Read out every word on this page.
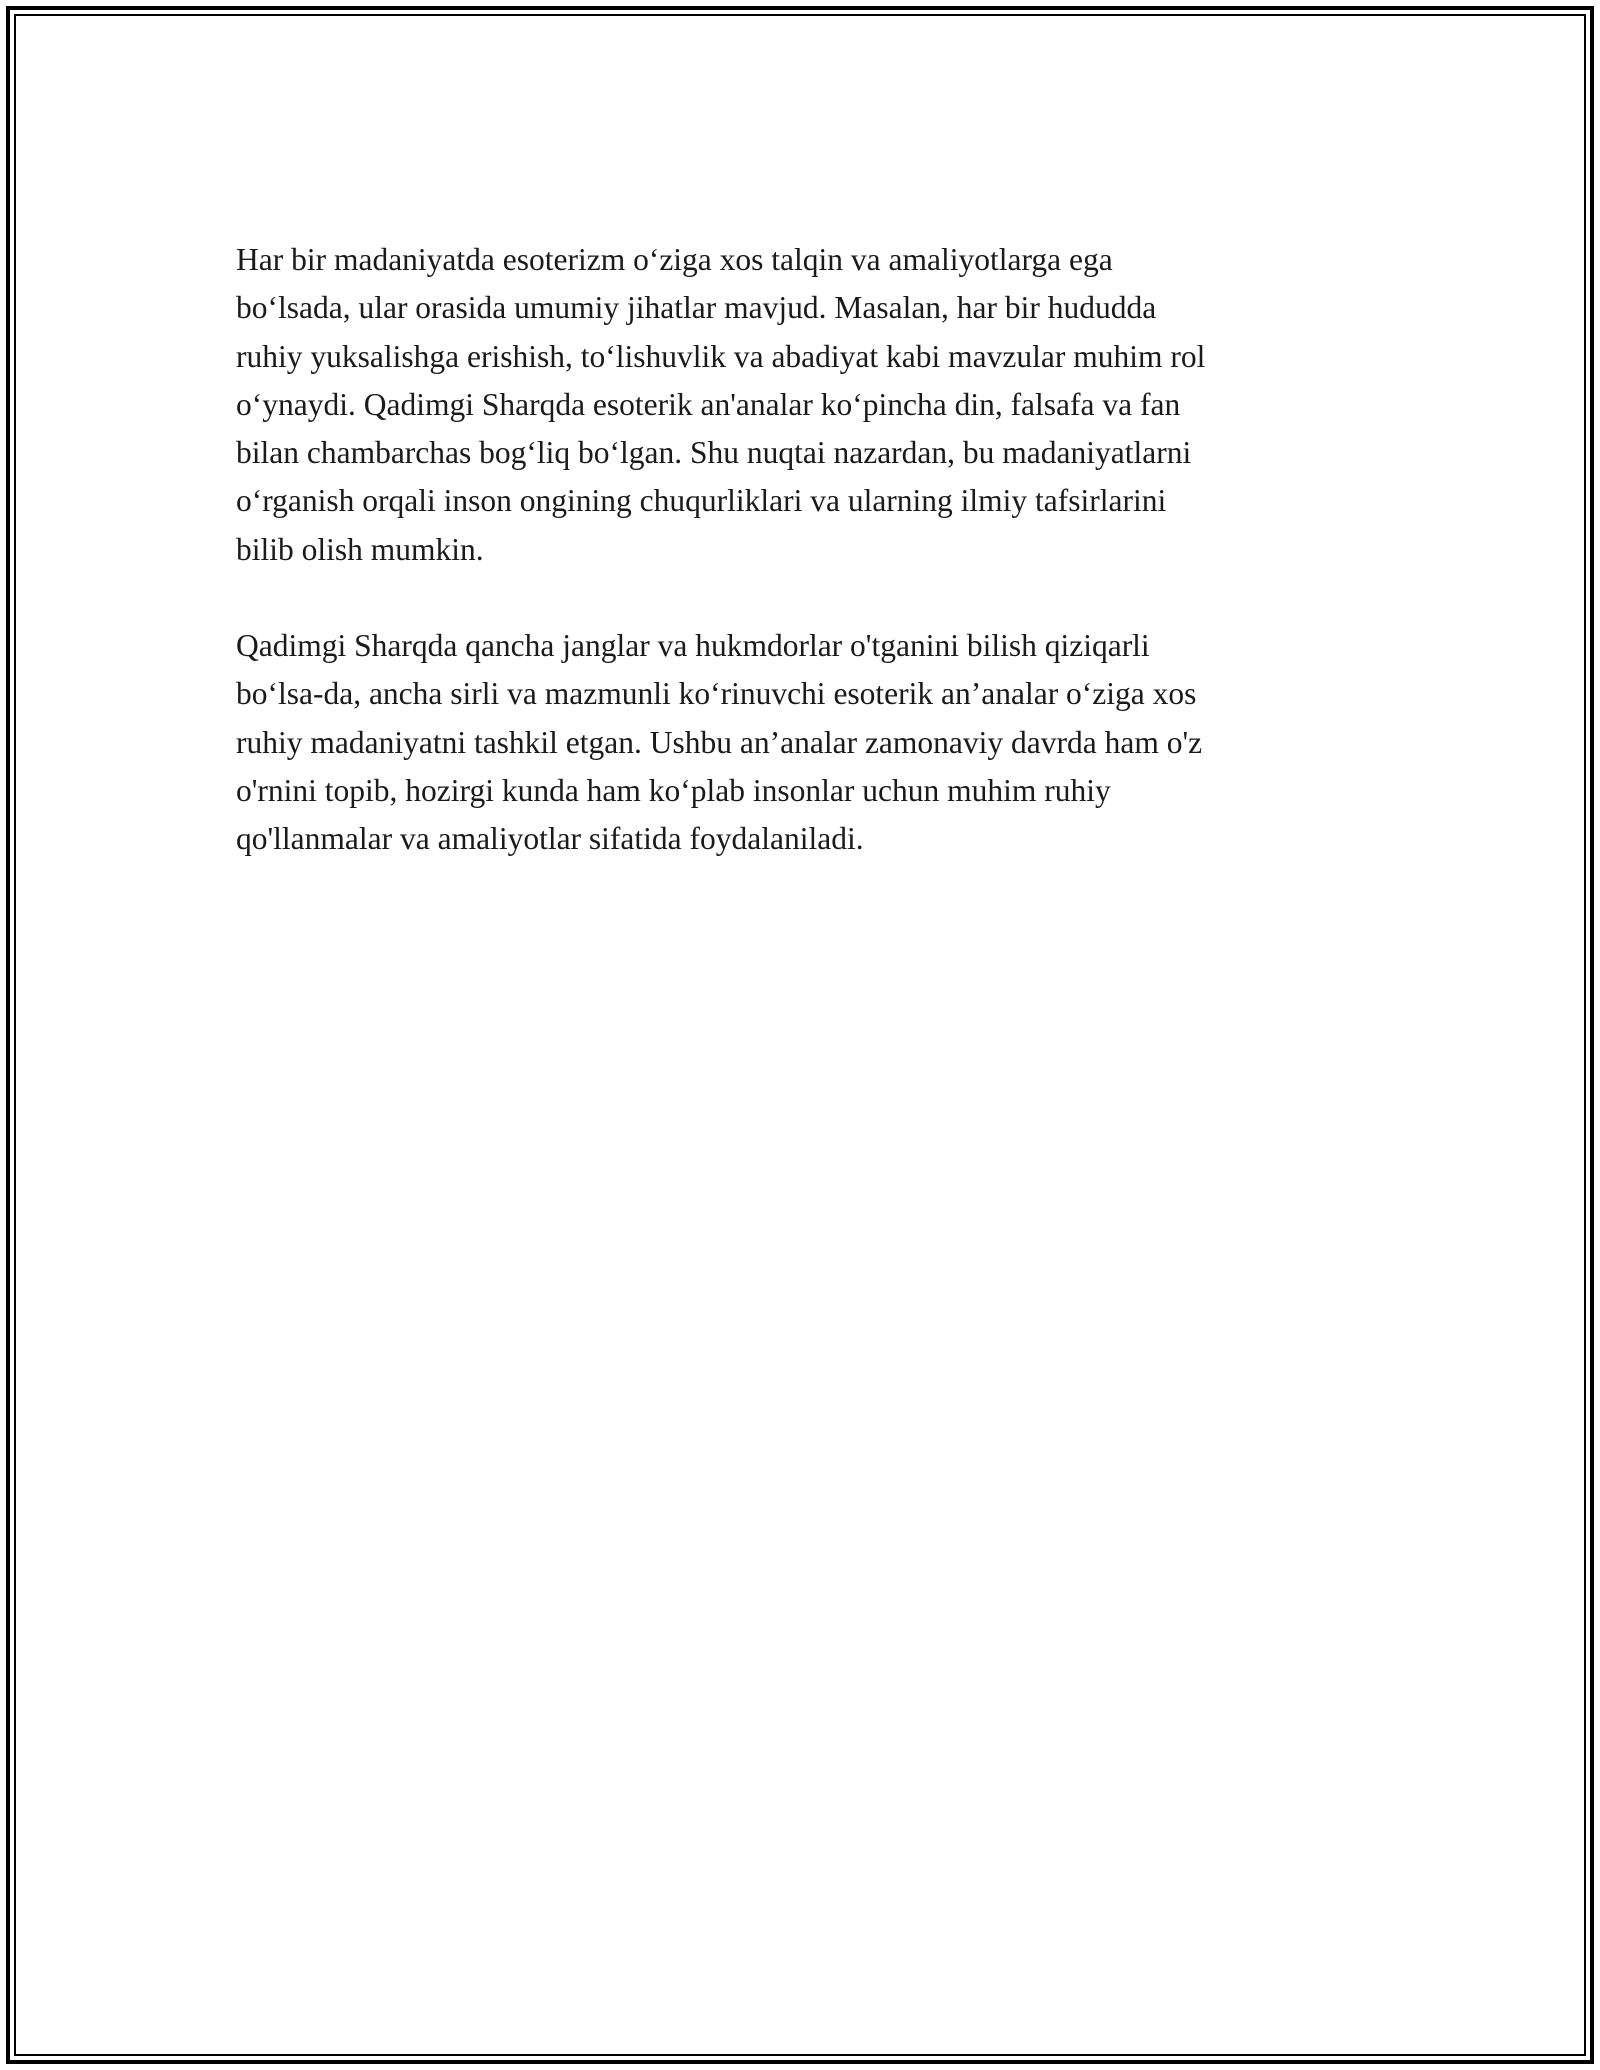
Har bir madaniyatda esoterizm o‘ziga xos talqin va amaliyotlarga ega
bo‘lsada, ular orasida umumiy jihatlar mavjud. Masalan, har bir hududda
ruhiy yuksalishga erishish, to‘lishuvlik va abadiyat kabi mavzular muhim rol
o‘ynaydi. Qadimgi Sharqda esoterik an'analar ko‘pincha din, falsafa va fan
bilan chambarchas bog‘liq bo‘lgan. Shu nuqtai nazardan, bu madaniyatlarni
o‘rganish orqali inson ongining chuqurliklari va ularning ilmiy tafsirlarini
bilib olish mumkin.

Qadimgi Sharqda qancha janglar va hukmdorlar o'tganini bilish qiziqarli
bo‘lsa-da, ancha sirli va mazmunli ko‘rinuvchi esoterik an’analar o‘ziga xos
ruhiy madaniyatni tashkil etgan. Ushbu an’analar zamonaviy davrda ham o'z
o'rnini topib, hozirgi kunda ham ko‘plab insonlar uchun muhim ruhiy
qo'llanmalar va amaliyotlar sifatida foydalaniladi.
